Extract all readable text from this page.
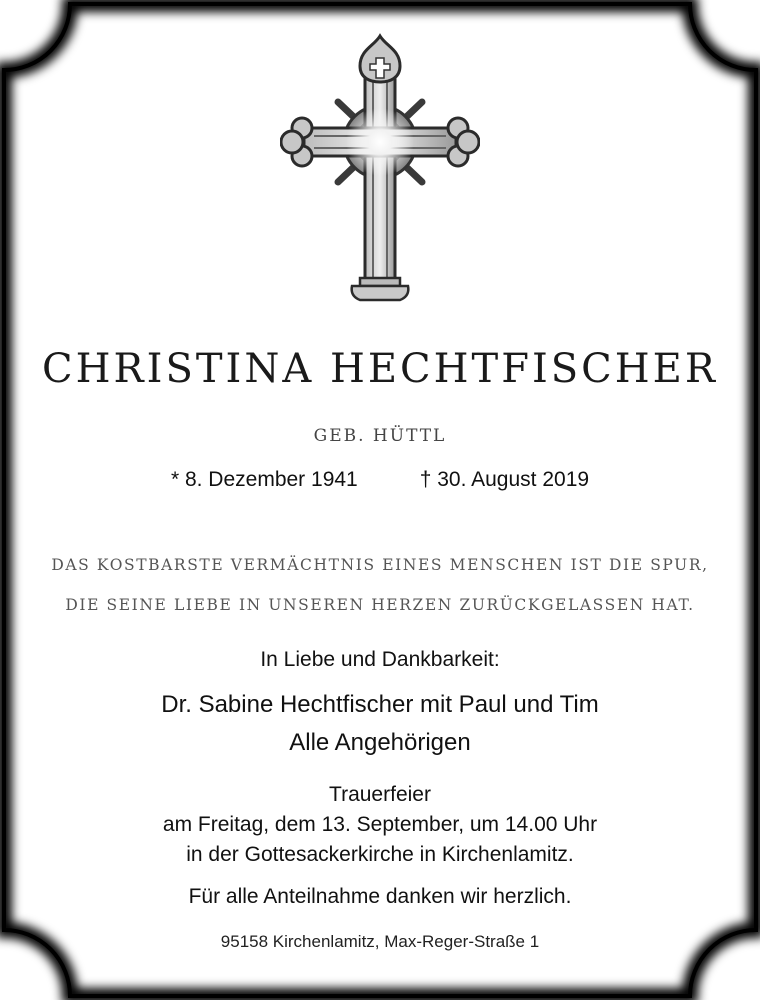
CHRISTINA HECHTFISCHER
GEB. HÜTTL
* 8. Dezember 1941	† 30. August 2019
DAS KOSTBARSTE VERMÄCHTNIS EINES MENSCHEN IST DIE SPUR,
DIE SEINE LIEBE IN UNSEREN HERZEN ZURÜCKGELASSEN HAT.
In Liebe und Dankbarkeit:
Dr. Sabine Hechtfischer mit Paul und Tim
Alle Angehörigen
Trauerfeier
am Freitag, dem 13. September, um 14.00 Uhr
in der Gottesackerkirche in Kirchenlamitz.
Für alle Anteilnahme danken wir herzlich.
95158 Kirchenlamitz, Max-Reger-Straße 1
